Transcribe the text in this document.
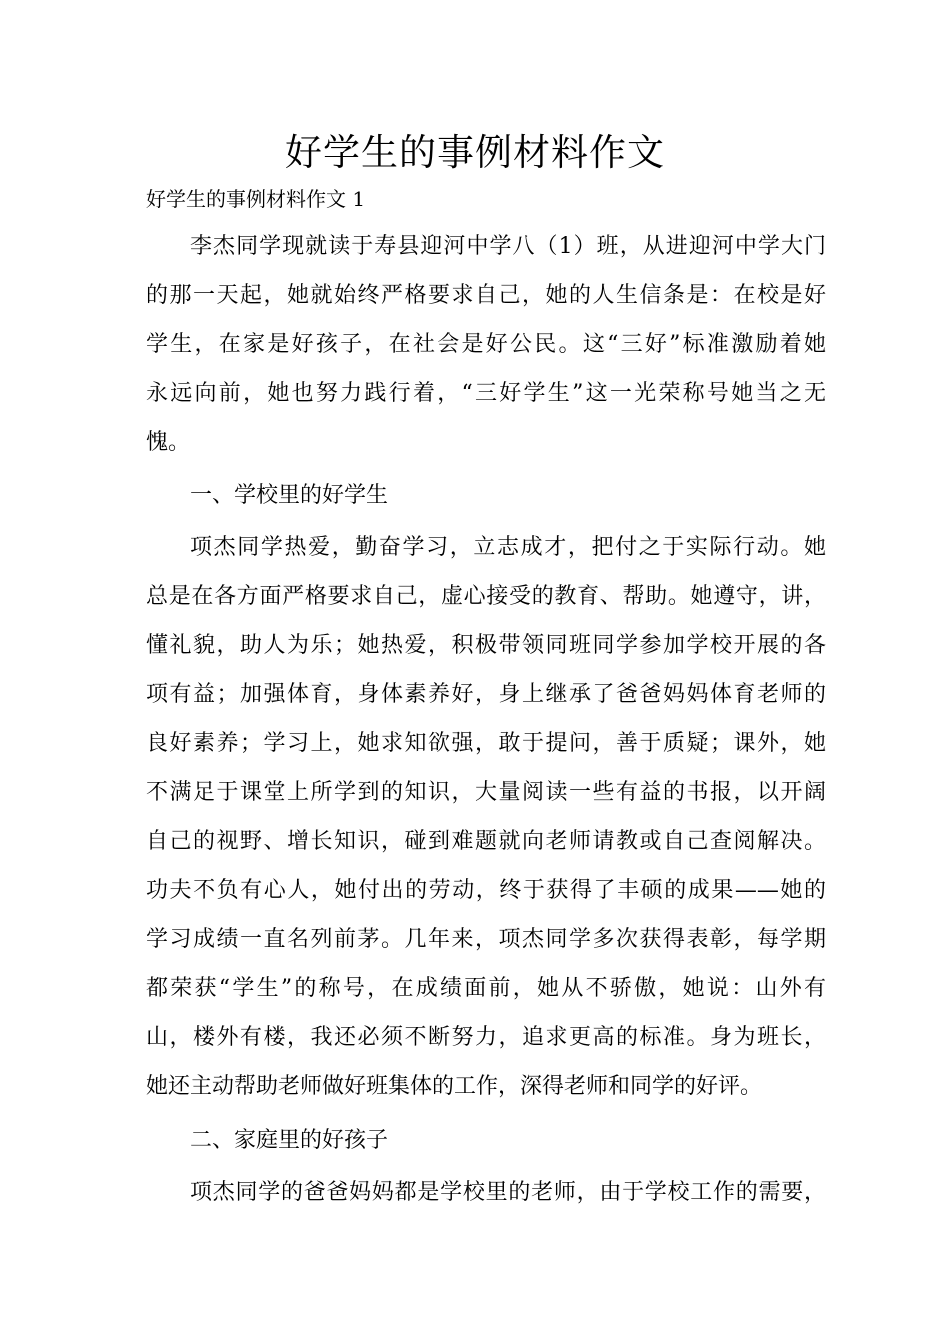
好学生的事例材料作文

好学生的事例材料作文 1

李杰同学现就读于寿县迎河中学八（1）班，从进迎河中学大门

的那一天起，她就始终严格要求自己，她的人生信条是：在校是好

学生，在家是好孩子，在社会是好公民。这“三好”标准激励着她

永远向前，她也努力践行着，“三好学生”这一光荣称号她当之无

愧。

一、学校里的好学生

项杰同学热爱，勤奋学习，立志成才，把付之于实际行动。她

总是在各方面严格要求自己，虚心接受的教育、帮助。她遵守，讲，

懂礼貌，助人为乐；她热爱，积极带领同班同学参加学校开展的各

项有益；加强体育，身体素养好，身上继承了爸爸妈妈体育老师的

良好素养；学习上，她求知欲强，敢于提问，善于质疑；课外，她

不满足于课堂上所学到的知识，大量阅读一些有益的书报，以开阔

自己的视野、增长知识，碰到难题就向老师请教或自己查阅解决。

功夫不负有心人，她付出的劳动，终于获得了丰硕的成果——她的

学习成绩一直名列前茅。几年来，项杰同学多次获得表彰，每学期

都荣获“学生”的称号，在成绩面前，她从不骄傲，她说：山外有

山，楼外有楼，我还必须不断努力，追求更高的标准。身为班长，

她还主动帮助老师做好班集体的工作，深得老师和同学的好评。

二、家庭里的好孩子

项杰同学的爸爸妈妈都是学校里的老师，由于学校工作的需要，
